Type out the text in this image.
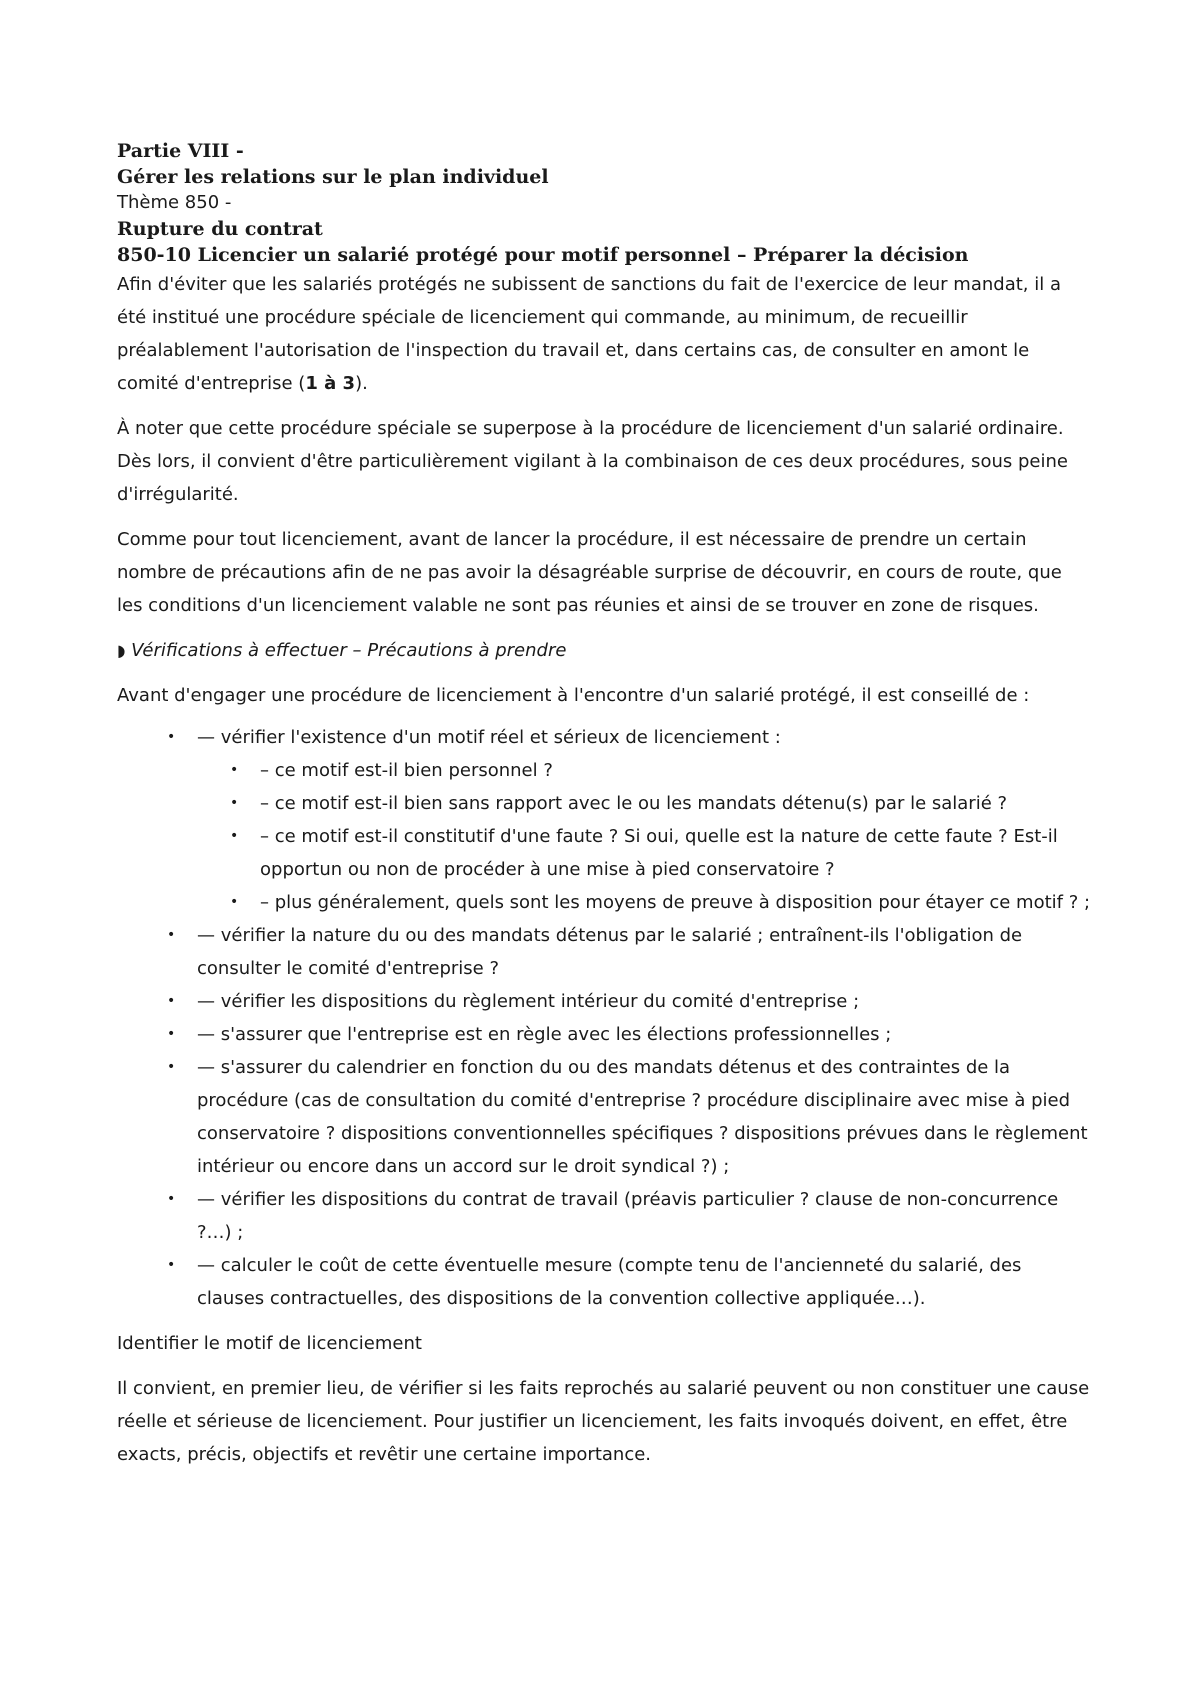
Partie VIII -
Gérer les relations sur le plan individuel
Thème 850 -
Rupture du contrat
850-10 Licencier un salarié protégé pour motif personnel – Préparer la décision

Afin d'éviter que les salariés protégés ne subissent de sanctions du fait de l'exercice de leur mandat, il a été institué une procédure spéciale de licenciement qui commande, au minimum, de recueillir préalablement l'autorisation de l'inspection du travail et, dans certains cas, de consulter en amont le comité d'entreprise (1 à 3).

À noter que cette procédure spéciale se superpose à la procédure de licenciement d'un salarié ordinaire. Dès lors, il convient d'être particulièrement vigilant à la combinaison de ces deux procédures, sous peine d'irrégularité.

Comme pour tout licenciement, avant de lancer la procédure, il est nécessaire de prendre un certain nombre de précautions afin de ne pas avoir la désagréable surprise de découvrir, en cours de route, que les conditions d'un licenciement valable ne sont pas réunies et ainsi de se trouver en zone de risques.

◗ Vérifications à effectuer – Précautions à prendre

Avant d'engager une procédure de licenciement à l'encontre d'un salarié protégé, il est conseillé de :

• — vérifier l'existence d'un motif réel et sérieux de licenciement :
• – ce motif est-il bien personnel ?
• – ce motif est-il bien sans rapport avec le ou les mandats détenu(s) par le salarié ?
• – ce motif est-il constitutif d'une faute ? Si oui, quelle est la nature de cette faute ? Est-il opportun ou non de procéder à une mise à pied conservatoire ?
• – plus généralement, quels sont les moyens de preuve à disposition pour étayer ce motif ? ;
• — vérifier la nature du ou des mandats détenus par le salarié ; entraînent-ils l'obligation de consulter le comité d'entreprise ?
• — vérifier les dispositions du règlement intérieur du comité d'entreprise ;
• — s'assurer que l'entreprise est en règle avec les élections professionnelles ;
• — s'assurer du calendrier en fonction du ou des mandats détenus et des contraintes de la procédure (cas de consultation du comité d'entreprise ? procédure disciplinaire avec mise à pied conservatoire ? dispositions conventionnelles spécifiques ? dispositions prévues dans le règlement intérieur ou encore dans un accord sur le droit syndical ?) ;
• — vérifier les dispositions du contrat de travail (préavis particulier ? clause de non-concurrence ?…) ;
• — calculer le coût de cette éventuelle mesure (compte tenu de l'ancienneté du salarié, des clauses contractuelles, des dispositions de la convention collective appliquée…).

Identifier le motif de licenciement

Il convient, en premier lieu, de vérifier si les faits reprochés au salarié peuvent ou non constituer une cause réelle et sérieuse de licenciement. Pour justifier un licenciement, les faits invoqués doivent, en effet, être exacts, précis, objectifs et revêtir une certaine importance.
